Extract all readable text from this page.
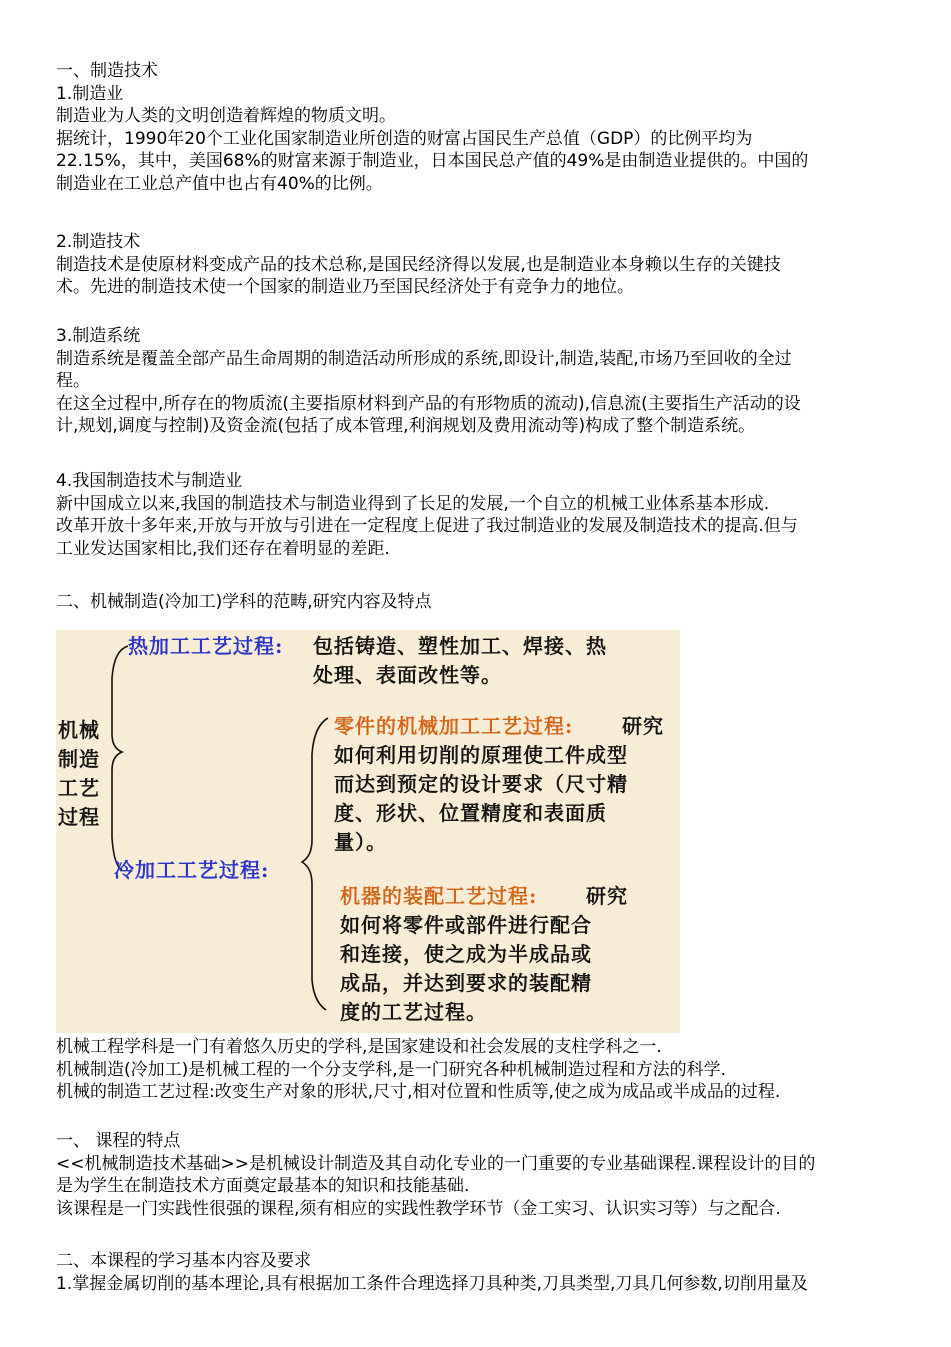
一、制造技术

1.制造业

制造业为人类的文明创造着辉煌的物质文明。

据统计，1990年20个工业化国家制造业所创造的财富占国民生产总值（GDP）的比例平均为
22.15%，其中，美国68%的财富来源于制造业，日本国民总产值的49%是由制造业提供的。中国的
制造业在工业总产值中也占有40%的比例。

2.制造技术

制造技术是使原材料变成产品的技术总称,是国民经济得以发展,也是制造业本身赖以生存的关键技
术。先进的制造技术使一个国家的制造业乃至国民经济处于有竞争力的地位。

3.制造系统

制造系统是覆盖全部产品生命周期的制造活动所形成的系统,即设计,制造,装配,市场乃至回收的全过
程。

在这全过程中,所存在的物质流(主要指原材料到产品的有形物质的流动),信息流(主要指生产活动的设
计,规划,调度与控制)及资金流(包括了成本管理,利润规划及费用流动等)构成了整个制造系统。

4.我国制造技术与制造业

新中国成立以来,我国的制造技术与制造业得到了长足的发展,一个自立的机械工业体系基本形成.

改革开放十多年来,开放与开放与引进在一定程度上促进了我过制造业的发展及制造技术的提高.但与
工业发达国家相比,我们还存在着明显的差距.

二、机械制造(冷加工)学科的范畴,研究内容及特点

机械
制造
工艺
过程

热加工工艺过程: 包括铸造、塑性加工、焊接、热
处理、表面改性等。

冷加工工艺过程:

零件的机械加工工艺过程: 研究

如何利用切削的原理使工件成型
而达到预定的设计要求（尺寸精
度、形状、位置精度和表面质
量）。

机器的装配工艺过程: 研究

如何将零件或部件进行配合
和连接，使之成为半成品或
成品，并达到要求的装配精
度的工艺过程。

机械工程学科是一门有着悠久历史的学科,是国家建设和社会发展的支柱学科之一.

机械制造(冷加工)是机械工程的一个分支学科,是一门研究各种机械制造过程和方法的科学.

机械的制造工艺过程:改变生产对象的形状,尺寸,相对位置和性质等,使之成为成品或半成品的过程.

一、 课程的特点

<<机械制造技术基础>>是机械设计制造及其自动化专业的一门重要的专业基础课程.课程设计的目的
是为学生在制造技术方面奠定最基本的知识和技能基础.

该课程是一门实践性很强的课程,须有相应的实践性教学环节（金工实习、认识实习等）与之配合.

二、本课程的学习基本内容及要求

1.掌握金属切削的基本理论,具有根据加工条件合理选择刀具种类,刀具类型,刀具几何参数,切削用量及
